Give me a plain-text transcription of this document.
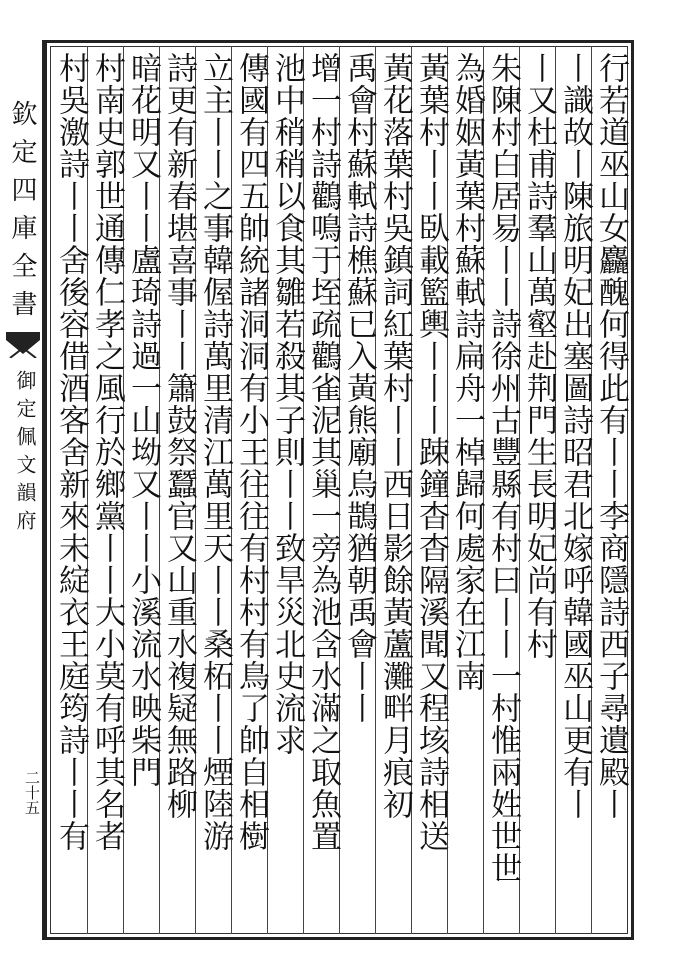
欽定四庫全書
御定佩文韻府
二十五	行若道巫山女麤醜何得此有丨丨李商隱詩西子尋遺殿丨
丨識故丨陳旅明妃出塞圖詩昭君北嫁呼韓國巫山更有丨
丨又杜甫詩羣山萬壑赴荆門生長明妃尚有村
朱陳村白居易丨丨詩徐州古豐縣有村曰丨丨一村惟兩姓世世
為婚姻黃葉村蘇軾詩扁舟一棹歸何處家在江南
黃葉村丨丨臥載籃輿丨丨丨踈鐘杳杳隔溪聞又程垓詩相送
黃花落葉村吳鎮詞紅葉村丨丨西日影餘黃蘆灘畔月痕初
禹會村蘇軾詩樵蘇已入黃熊廟烏鵲猶朝禹會丨丨
增一村詩鸛鳴于垤疏鸛雀泥其巢一旁為池含水滿之取魚置
池中稍稍以食其雛若殺其子則丨丨致旱災北史流求
傳國有四五帥統諸洞洞有小王往往有村村有鳥了帥自相樹
立主丨丨之事韓偓詩萬里清江萬里天丨丨桑柘丨丨煙陸游
詩更有新春堪喜事丨丨簫鼓祭蠶官又山重水複疑無路柳
暗花明又丨丨盧琦詩過一山坳又丨丨小溪流水映柴門
村南史郭世通傳仁孝之風行於鄉黨丨丨大小莫有呼其名者
村吳激詩丨丨舍後容借酒客舍新來未綻衣王庭筠詩丨丨有
